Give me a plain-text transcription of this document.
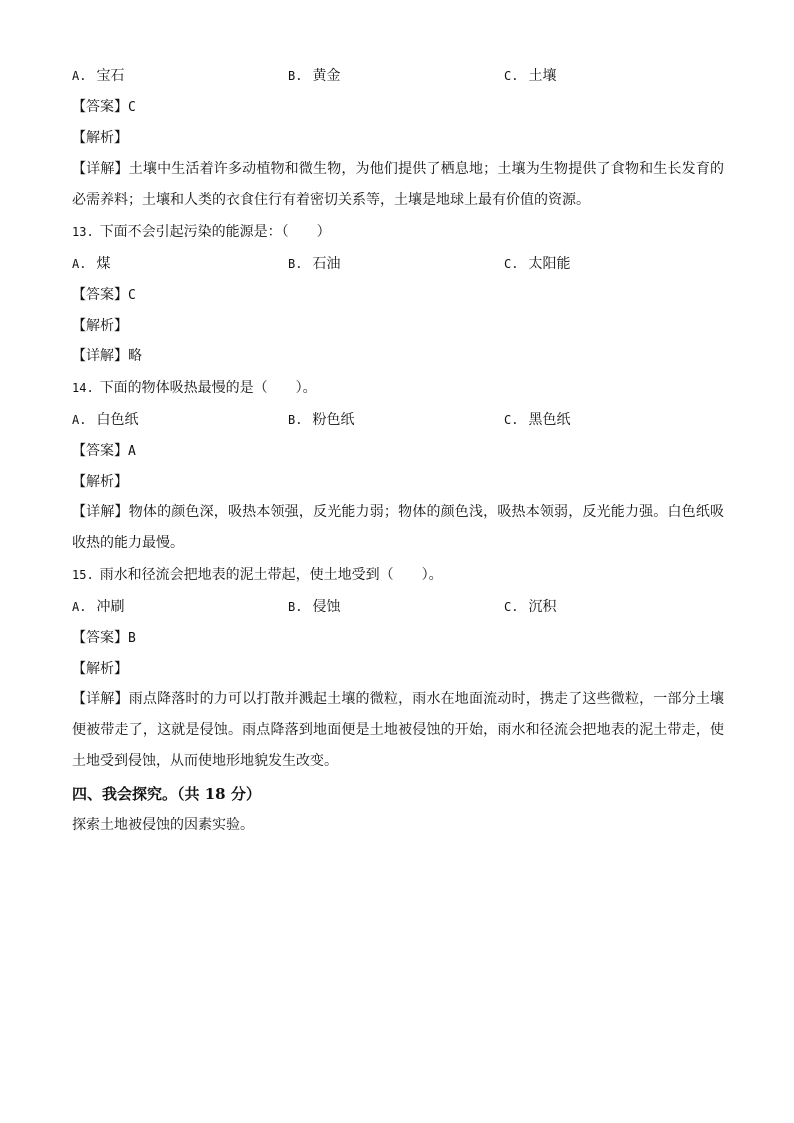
A. 宝石	B. 黄金	C. 土壤
【答案】C
【解析】
【详解】土壤中生活着许多动植物和微生物，为他们提供了栖息地；土壤为生物提供了食物和生长发育的必需养料；土壤和人类的衣食住行有着密切关系等，土壤是地球上最有价值的资源。
13. 下面不会引起污染的能源是：（　　）
A. 煤	B. 石油	C. 太阳能
【答案】C
【解析】
【详解】略
14. 下面的物体吸热最慢的是（　　）。
A. 白色纸	B. 粉色纸	C. 黑色纸
【答案】A
【解析】
【详解】物体的颜色深，吸热本领强，反光能力弱；物体的颜色浅，吸热本领弱，反光能力强。白色纸吸收热的能力最慢。
15. 雨水和径流会把地表的泥土带起，使土地受到（　　）。
A. 冲刷	B. 侵蚀	C. 沉积
【答案】B
【解析】
【详解】雨点降落时的力可以打散并溅起土壤的微粒，雨水在地面流动时，携走了这些微粒，一部分土壤便被带走了，这就是侵蚀。雨点降落到地面便是土地被侵蚀的开始，雨水和径流会把地表的泥土带走，使土地受到侵蚀，从而使地形地貌发生改变。
四、我会探究。（共 18 分）
探索土地被侵蚀的因素实验。
